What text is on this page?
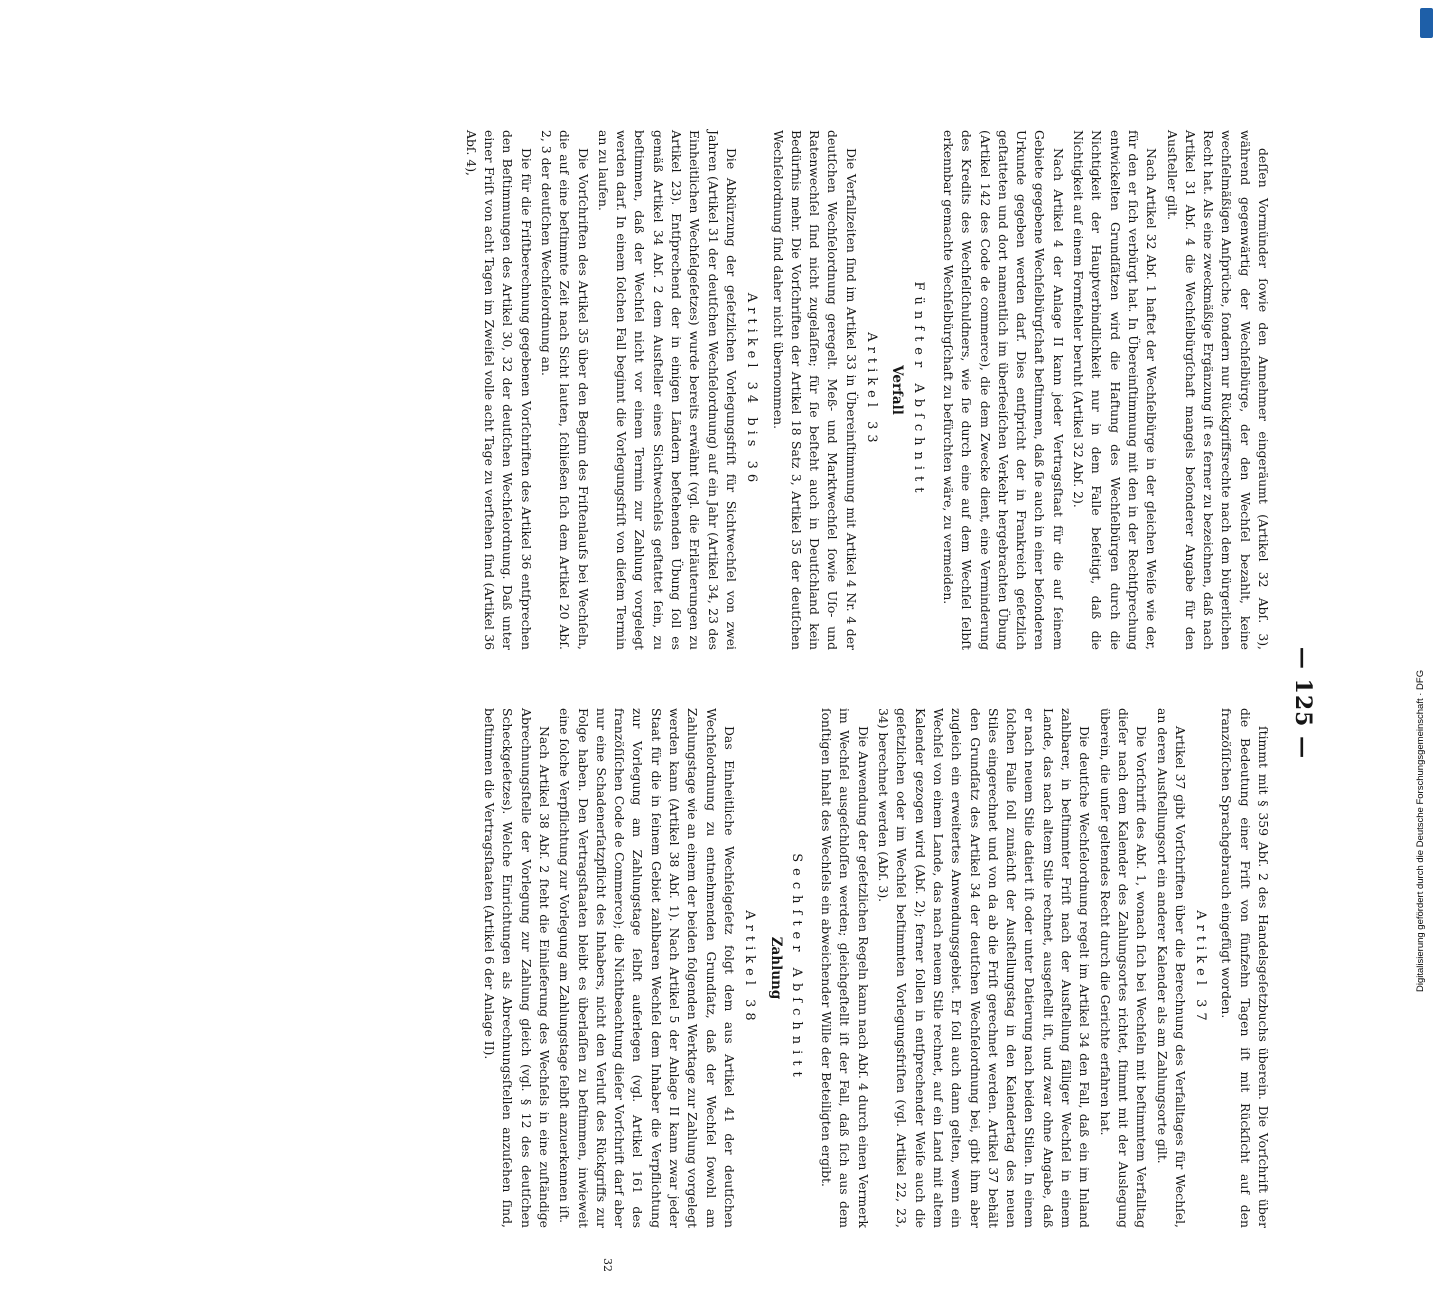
— 125 —

deſſen Vormünder ſowie den Annehmer eingeräumt (Artikel 32 Abſ. 3), während gegenwärtig der Wechſelbürge, der den Wechſel bezahlt, keine wechſelmäßigen Anſprüche, ſondern nur Rückgriffsrechte nach dem bürgerlichen Recht hat. Als eine zweckmäßige Ergänzung iſt es ferner zu bezeichnen, daß nach Artikel 31 Abſ. 4 die Wechſelbürgſchaft mangels beſonderer Angabe für den Ausſteller gilt.

Nach Artikel 32 Abſ. 1 haftet der Wechſelbürge in der gleichen Weiſe wie der, für den er ſich verbürgt hat. In Übereinſtimmung mit den in der Rechtſprechung entwickelten Grundſätzen wird die Haftung des Wechſelbürgen durch die Nichtigkeit der Hauptverbindlichkeit nur in dem Falle beſeitigt, daß die Nichtigkeit auf einem Formfehler beruht (Artikel 32 Abſ. 2).

Nach Artikel 4 der Anlage II kann jeder Vertragsſtaat für die auf ſeinem Gebiete gegebene Wechſelbürgſchaft beſtimmen, daß ſie auch in einer beſonderen Urkunde gegeben werden darf. Dies entſpricht der in Frankreich geſetzlich geſtatteten und dort namentlich im überſeeiſchen Verkehr hergebrachten Übung (Artikel 142 des Code de commerce), die dem Zwecke dient, eine Verminderung des Kredits des Wechſelſchuldners, wie ſie durch eine auf dem Wechſel ſelbſt erkennbar gemachte Wechſelbürgſchaft zu befürchten wäre, zu vermeiden.

Fünfter Abſchnitt
Verfall
Artikel 33

Die Verfallzeiten ſind im Artikel 33 in Übereinſtimmung mit Artikel 4 Nr. 4 der deutſchen Wechſelordnung geregelt. Meß- und Marktwechſel ſowie Uſo- und Ratenwechſel ſind nicht zugelaſſen; für ſie beſteht auch in Deutſchland kein Bedürfnis mehr. Die Vorſchriften der Artikel 18 Satz 3, Artikel 35 der deutſchen Wechſelordnung ſind daher nicht übernommen.

Artikel 34 bis 36

Die Abkürzung der geſetzlichen Vorlegungsfriſt für Sichtwechſel von zwei Jahren (Artikel 31 der deutſchen Wechſelordnung) auf ein Jahr (Artikel 34, 23 des Einheitlichen Wechſelgeſetzes) wurde bereits erwähnt (vgl. die Erläuterungen zu Artikel 23). Entſprechend der in einigen Ländern beſtehenden Übung ſoll es gemäß Artikel 34 Abſ. 2 dem Ausſteller eines Sichtwechſels geſtattet ſein, zu beſtimmen, daß der Wechſel nicht vor einem Termin zur Zahlung vorgelegt werden darf. In einem ſolchen Fall beginnt die Vorlegungsfriſt von dieſem Termin an zu laufen.

Die Vorſchriften des Artikel 35 über den Beginn des Friſtenlaufs bei Wechſeln, die auf eine beſtimmte Zeit nach Sicht lauten, ſchließen ſich dem Artikel 20 Abſ. 2, 3 der deutſchen Wechſelordnung an.

Die für die Friſtberechnung gegebenen Vorſchriften des Artikel 36 entſprechen den Beſtimmungen des Artikel 30, 32 der deutſchen Wechſelordnung. Daß unter einer Friſt von acht Tagen im Zweifel volle acht Tage zu verſtehen ſind (Artikel 36 Abſ. 4),

ſtimmt mit § 359 Abſ. 2 des Handelsgeſetzbuchs überein. Die Vorſchrift über die Bedeutung einer Friſt von fünfzehn Tagen iſt mit Rückſicht auf den franzöſiſchen Sprachgebrauch eingefügt worden.

Artikel 37

Artikel 37 gibt Vorſchriften über die Berechnung des Verfalltages für Wechſel, an deren Ausſtellungsort ein anderer Kalender als am Zahlungsorte gilt.

Die Vorſchrift des Abſ. 1, wonach ſich bei Wechſeln mit beſtimmtem Verfalltag dieſer nach dem Kalender des Zahlungsortes richtet, ſtimmt mit der Auslegung überein, die unſer geltendes Recht durch die Gerichte erfahren hat.

Die deutſche Wechſelordnung regelt im Artikel 34 den Fall, daß ein im Inland zahlbarer, in beſtimmter Friſt nach der Ausſtellung fälliger Wechſel in einem Lande, das nach altem Stile rechnet, ausgeſtellt iſt, und zwar ohne Angabe, daß er nach neuem Stile datiert iſt oder unter Datierung nach beiden Stilen. In einem ſolchen Falle ſoll zunächſt der Ausſtellungstag in den Kalendertag des neuen Stiles eingerechnet und von da ab die Friſt gerechnet werden. Artikel 37 behält den Grundſatz des Artikel 34 der deutſchen Wechſelordnung bei, gibt ihm aber zugleich ein erweitertes Anwendungsgebiet. Er ſoll auch dann gelten, wenn ein Wechſel von einem Lande, das nach neuem Stile rechnet, auf ein Land mit altem Kalender gezogen wird (Abſ. 2); ferner ſollen in entſprechender Weiſe auch die geſetzlichen oder im Wechſel beſtimmten Vorlegungsfriſten (vgl. Artikel 22, 23, 34) berechnet werden (Abſ. 3).

Die Anwendung der geſetzlichen Regeln kann nach Abſ. 4 durch einen Vermerk im Wechſel ausgeſchloſſen werden; gleichgeſtellt iſt der Fall, daß ſich aus dem ſonſtigen Inhalt des Wechſels ein abweichender Wille der Beteiligten ergibt.

Sechſter Abſchnitt
Zahlung
Artikel 38

Das Einheitliche Wechſelgeſetz folgt dem aus Artikel 41 der deutſchen Wechſelordnung zu entnehmenden Grundſatz, daß der Wechſel ſowohl am Zahlungstage wie an einem der beiden folgenden Werktage zur Zahlung vorgelegt werden kann (Artikel 38 Abſ. 1). Nach Artikel 5 der Anlage II kann zwar jeder Staat für die in ſeinem Gebiet zahlbaren Wechſel dem Inhaber die Verpflichtung zur Vorlegung am Zahlungstage ſelbſt auferlegen (vgl. Artikel 161 des franzöſiſchen Code de Commerce); die Nichtbeachtung dieſer Vorſchrift darf aber nur eine Schadenerſatzpflicht des Inhabers, nicht den Verluſt des Rückgriffs zur Folge haben. Den Vertragsſtaaten bleibt es überlaſſen zu beſtimmen, inwieweit eine ſolche Verpflichtung zur Vorlegung am Zahlungstage ſelbſt anzuerkennen iſt.

Nach Artikel 38 Abſ. 2 ſteht die Einlieferung des Wechſels in eine zuſtändige Abrechnungsſtelle der Vorlegung zur Zahlung gleich (vgl. § 12 des deutſchen Scheckgeſetzes). Welche Einrichtungen als Abrechnungsſtellen anzuſehen ſind, beſtimmen die Vertragsſtaaten (Artikel 6 der Anlage II).

32
Digitalisierung gefördert durch die Deutsche Forschungsgemeinschaft · DFG
